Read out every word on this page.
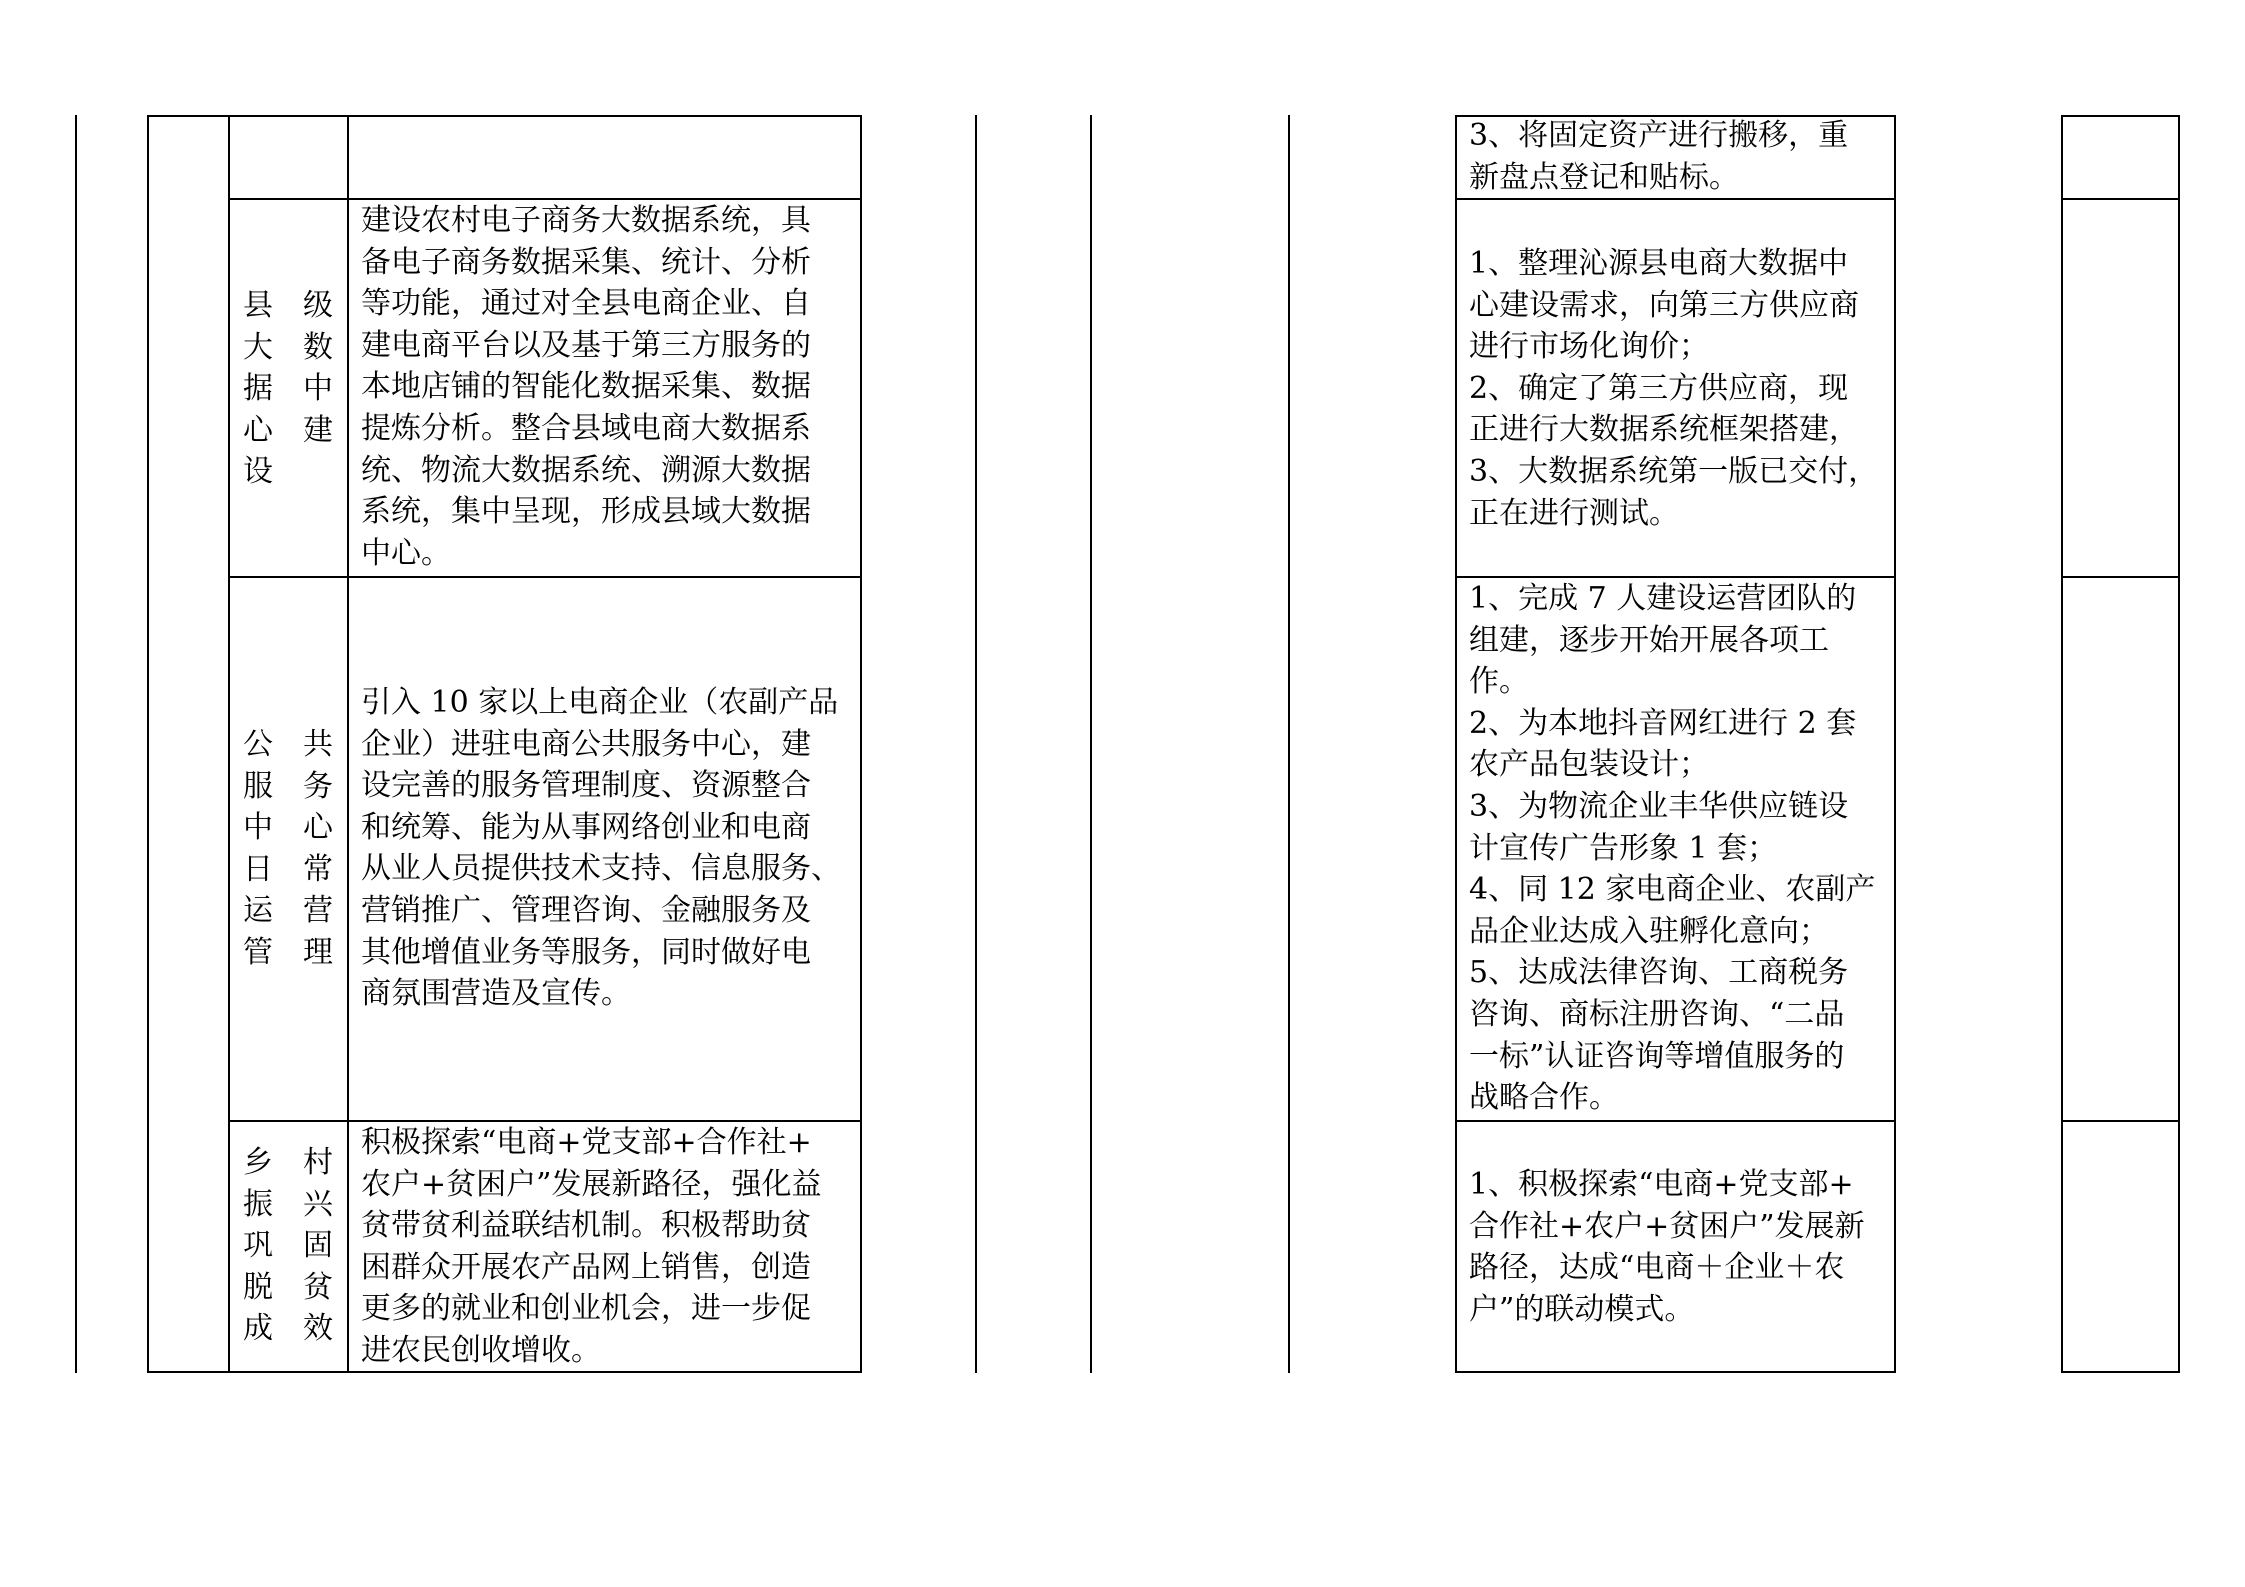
3、将固定资产进行搬移，重
新盘点登记和贴标。
县级
大数
据中
心建
设
建设农村电子商务大数据系统，具
备电子商务数据采集、统计、分析
等功能，通过对全县电商企业、自
建电商平台以及基于第三方服务的
本地店铺的智能化数据采集、数据
提炼分析。整合县域电商大数据系
统、物流大数据系统、溯源大数据
系统，集中呈现，形成县域大数据
中心。
1、整理沁源县电商大数据中
心建设需求，向第三方供应商
进行市场化询价；
2、确定了第三方供应商，现
正进行大数据系统框架搭建，
3、大数据系统第一版已交付，
正在进行测试。
公共
服务
中心
日常
运营
管理
引入 10 家以上电商企业（农副产品
企业）进驻电商公共服务中心，建
设完善的服务管理制度、资源整合
和统筹、能为从事网络创业和电商
从业人员提供技术支持、信息服务、
营销推广、管理咨询、金融服务及
其他增值业务等服务，同时做好电
商氛围营造及宣传。
1、完成 7 人建设运营团队的
组建，逐步开始开展各项工
作。
2、为本地抖音网红进行 2 套
农产品包装设计；
3、为物流企业丰华供应链设
计宣传广告形象 1 套；
4、同 12 家电商企业、农副产
品企业达成入驻孵化意向；
5、达成法律咨询、工商税务
咨询、商标注册咨询、“二品
一标”认证咨询等增值服务的
战略合作。
乡村
振兴
巩固
脱贫
成效
积极探索“电商+党支部+合作社+
农户+贫困户”发展新路径，强化益
贫带贫利益联结机制。积极帮助贫
困群众开展农产品网上销售，创造
更多的就业和创业机会，进一步促
进农民创收增收。
1、积极探索“电商+党支部+
合作社+农户+贫困户”发展新
路径，达成“电商＋企业＋农
户”的联动模式。
